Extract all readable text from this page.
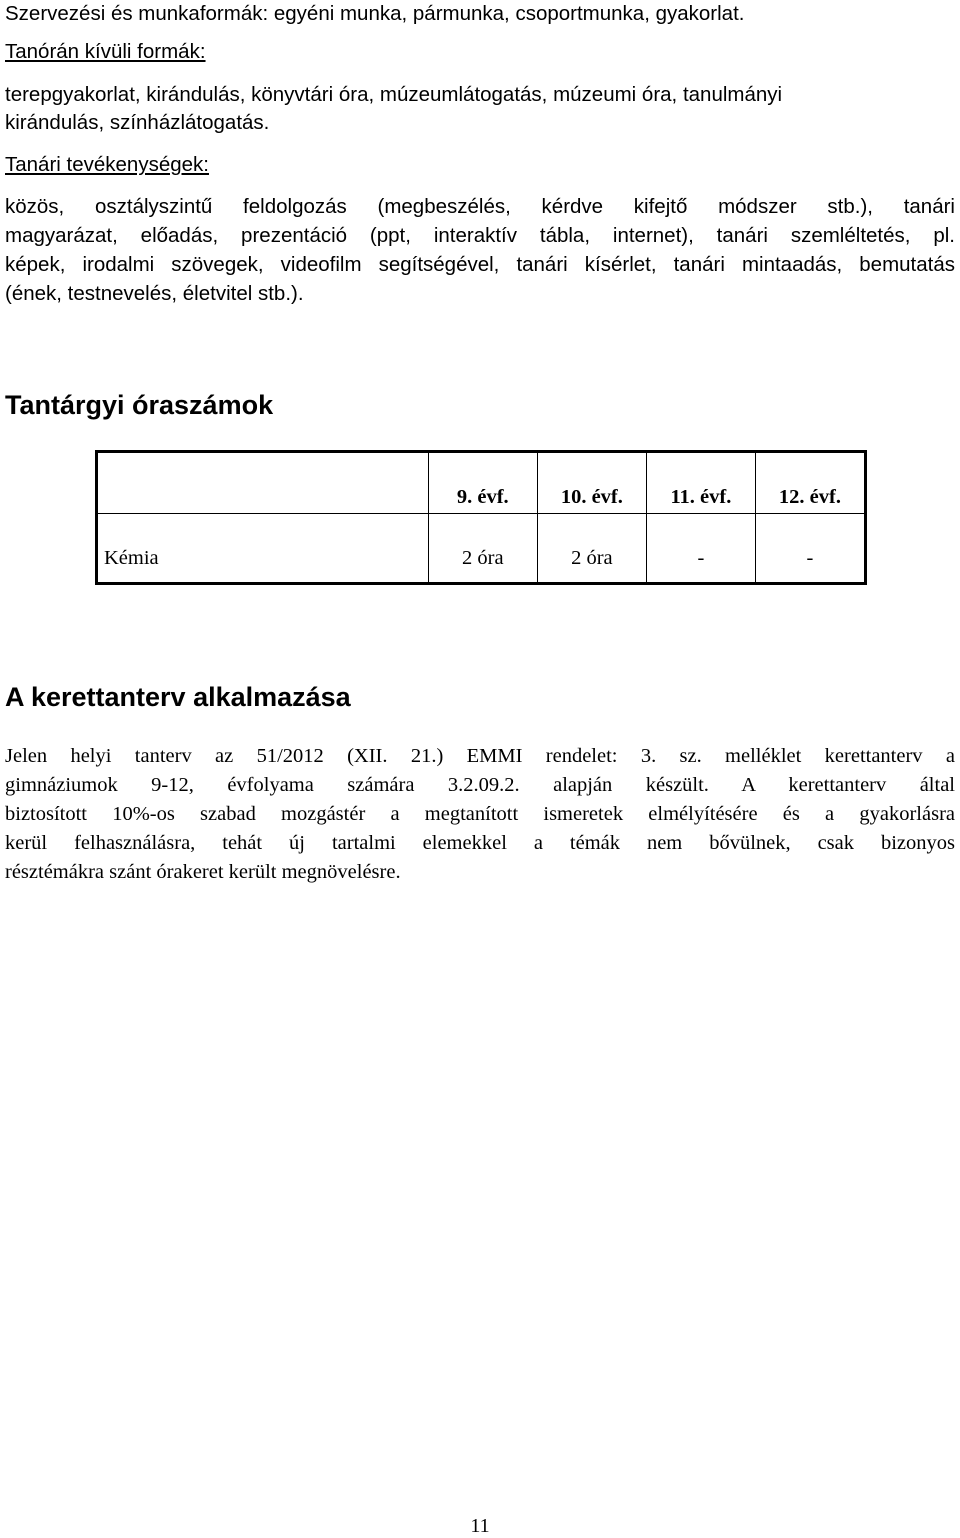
Szervezési és munkaformák: egyéni munka, pármunka, csoportmunka, gyakorlat.
Tanórán kívüli formák:
terepgyakorlat, kirándulás, könyvtári óra, múzeumlátogatás, múzeumi óra, tanulmányi
kirándulás, színházlátogatás.
Tanári tevékenységek:
közös, osztályszintű feldolgozás (megbeszélés, kérdve kifejtő módszer stb.), tanári
magyarázat, előadás, prezentáció (ppt, interaktív tábla, internet), tanári szemléltetés, pl.
képek, irodalmi szövegek, videofilm segítségével, tanári kísérlet, tanári mintaadás, bemutatás
(ének, testnevelés, életvitel stb.).
Tantárgyi óraszámok
	9. évf.	10. évf.	11. évf.	12. évf.
Kémia	2 óra	2 óra	-	-
A kerettanterv alkalmazása
Jelen helyi tanterv az 51/2012 (XII. 21.) EMMI rendelet: 3. sz. melléklet kerettanterv a
gimnáziumok 9-12, évfolyama számára 3.2.09.2. alapján készült. A kerettanterv által
biztosított 10%-os szabad mozgástér a megtanított ismeretek elmélyítésére és a gyakorlásra
kerül felhasználásra, tehát új tartalmi elemekkel a témák nem bővülnek, csak bizonyos
résztémákra szánt órakeret került megnövelésre.
11
